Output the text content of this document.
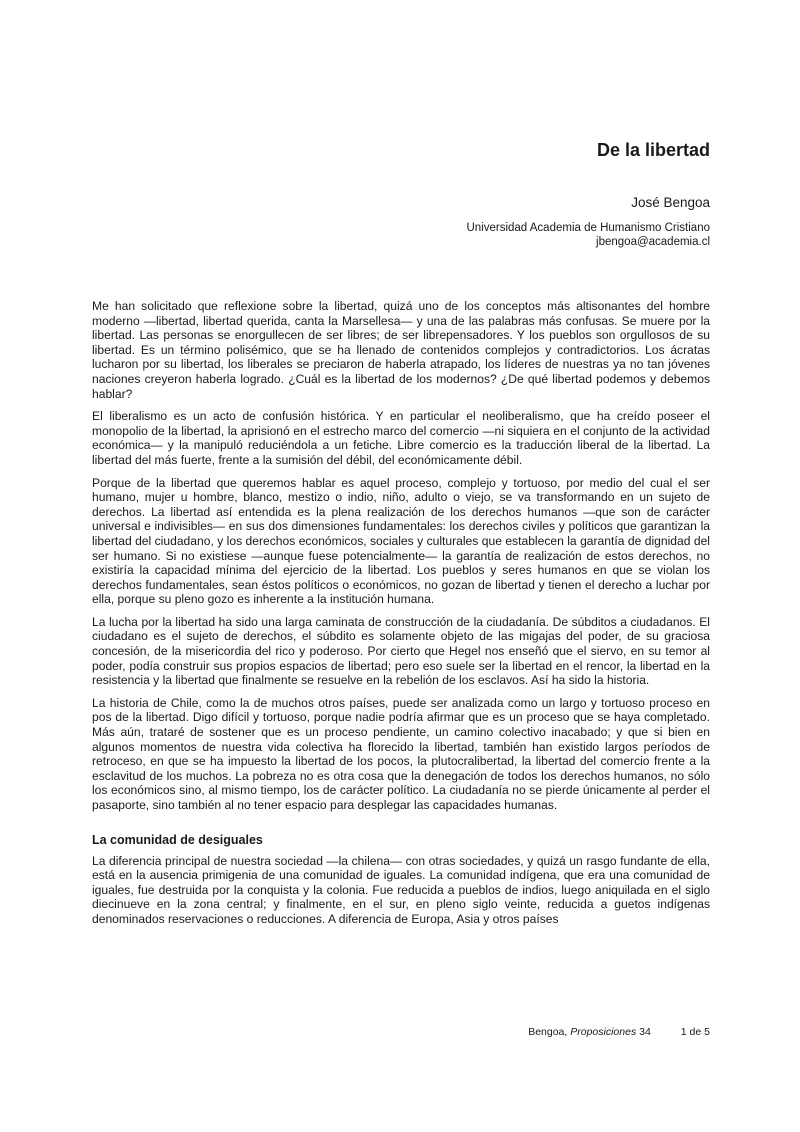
De la libertad

José Bengoa

Universidad Academia de Humanismo Cristiano
jbengoa@academia.cl

Me han solicitado que reflexione sobre la libertad, quizá uno de los conceptos más altisonantes del hombre moderno —libertad, libertad querida, canta la Marsellesa— y una de las palabras más confusas. Se muere por la libertad. Las personas se enorgullecen de ser libres; de ser librepensadores. Y los pueblos son orgullosos de su libertad. Es un término polisémico, que se ha llenado de contenidos complejos y contradictorios. Los ácratas lucharon por su libertad, los liberales se preciaron de haberla atrapado, los líderes de nuestras ya no tan jóvenes naciones creyeron haberla logrado. ¿Cuál es la libertad de los modernos? ¿De qué libertad podemos y debemos hablar?

El liberalismo es un acto de confusión histórica. Y en particular el neoliberalismo, que ha creído poseer el monopolio de la libertad, la aprisionó en el estrecho marco del comercio —ni siquiera en el conjunto de la actividad económica— y la manipuló reduciéndola a un fetiche. Libre comercio es la traducción liberal de la libertad. La libertad del más fuerte, frente a la sumisión del débil, del económicamente débil.

Porque de la libertad que queremos hablar es aquel proceso, complejo y tortuoso, por medio del cual el ser humano, mujer u hombre, blanco, mestizo o indio, niño, adulto o viejo, se va transformando en un sujeto de derechos. La libertad así entendida es la plena realización de los derechos humanos —que son de carácter universal e indivisibles— en sus dos dimensiones fundamentales: los derechos civiles y políticos que garantizan la libertad del ciudadano, y los derechos económicos, sociales y culturales que establecen la garantía de dignidad del ser humano. Si no existiese —aunque fuese potencialmente— la garantía de realización de estos derechos, no existiría la capacidad mínima del ejercicio de la libertad. Los pueblos y seres humanos en que se violan los derechos fundamentales, sean éstos políticos o económicos, no gozan de libertad y tienen el derecho a luchar por ella, porque su pleno gozo es inherente a la institución humana.

La lucha por la libertad ha sido una larga caminata de construcción de la ciudadanía. De súbditos a ciudadanos. El ciudadano es el sujeto de derechos, el súbdito es solamente objeto de las migajas del poder, de su graciosa concesión, de la misericordia del rico y poderoso. Por cierto que Hegel nos enseñó que el siervo, en su temor al poder, podía construir sus propios espacios de libertad; pero eso suele ser la libertad en el rencor, la libertad en la resistencia y la libertad que finalmente se resuelve en la rebelión de los esclavos. Así ha sido la historia.

La historia de Chile, como la de muchos otros países, puede ser analizada como un largo y tortuoso proceso en pos de la libertad. Digo difícil y tortuoso, porque nadie podría afirmar que es un proceso que se haya completado. Más aún, trataré de sostener que es un proceso pendiente, un camino colectivo inacabado; y que si bien en algunos momentos de nuestra vida colectiva ha florecido la libertad, también han existido largos períodos de retroceso, en que se ha impuesto la libertad de los pocos, la plutocralibertad, la libertad del comercio frente a la esclavitud de los muchos. La pobreza no es otra cosa que la denegación de todos los derechos humanos, no sólo los económicos sino, al mismo tiempo, los de carácter político. La ciudadanía no se pierde únicamente al perder el pasaporte, sino también al no tener espacio para desplegar las capacidades humanas.

La comunidad de desiguales

La diferencia principal de nuestra sociedad —la chilena— con otras sociedades, y quizá un rasgo fundante de ella, está en la ausencia primigenia de una comunidad de iguales. La comunidad indígena, que era una comunidad de iguales, fue destruida por la conquista y la colonia. Fue reducida a pueblos de indios, luego aniquilada en el siglo diecinueve en la zona central; y finalmente, en el sur, en pleno siglo veinte, reducida a guetos indígenas denominados reservaciones o reducciones. A diferencia de Europa, Asia y otros países

Bengoa, Proposiciones 34	1 de 5
